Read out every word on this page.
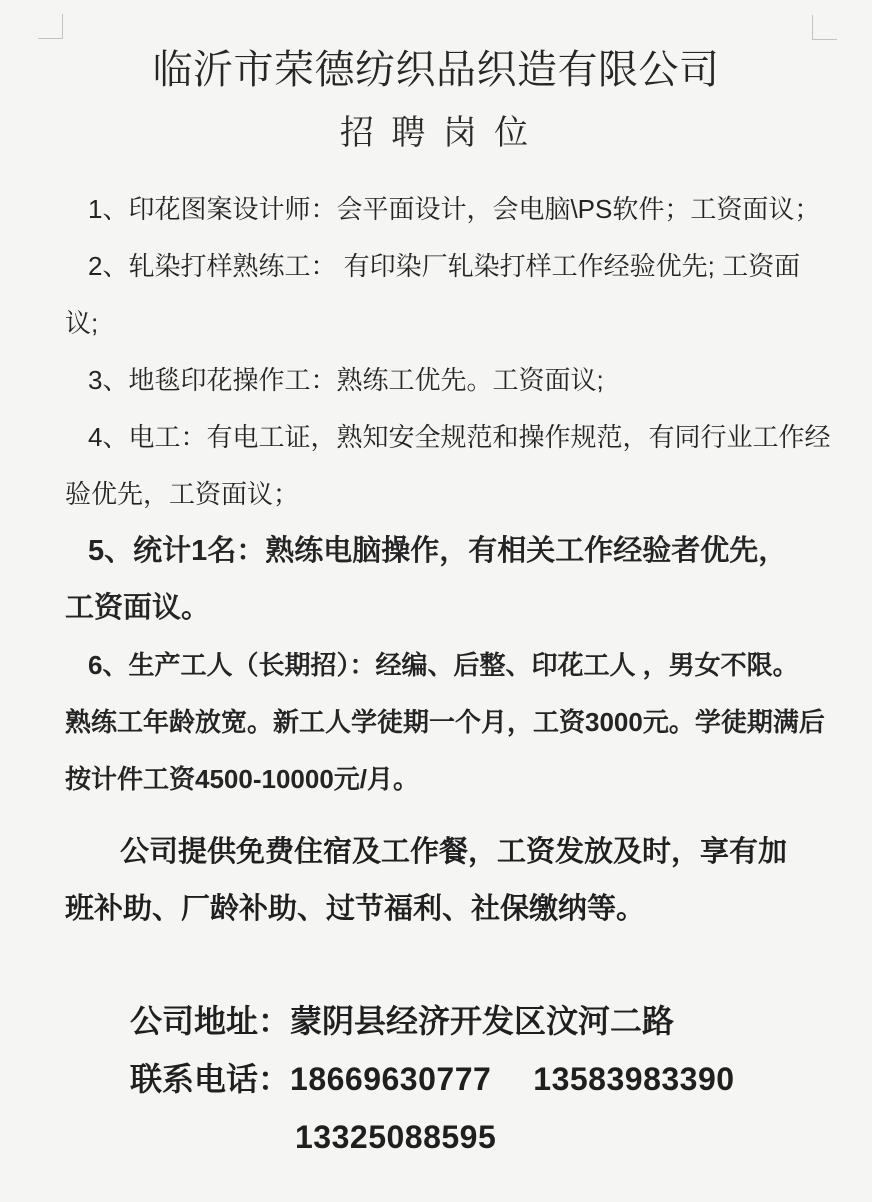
临沂市荣德纺织品织造有限公司
招 聘 岗 位
1、印花图案设计师：会平面设计，会电脑\PS软件；工资面议；
2、轧染打样熟练工： 有印染厂轧染打样工作经验优先; 工资面
议;
3、地毯印花操作工：熟练工优先。工资面议;
4、电工：有电工证，熟知安全规范和操作规范，有同行业工作经
验优先，工资面议；
5、统计1名：熟练电脑操作，有相关工作经验者优先，
工资面议。
6、生产工人（长期招）：经编、后整、印花工人 ，男女不限。
熟练工年龄放宽。新工人学徒期一个月，工资3000元。学徒期满后
按计件工资4500-10000元/月。
公司提供免费住宿及工作餐，工资发放及时，享有加
班补助、厂龄补助、过节福利、社保缴纳等。
公司地址：蒙阴县经济开发区汶河二路
联系电话：18669630777 13583983390
13325088595
